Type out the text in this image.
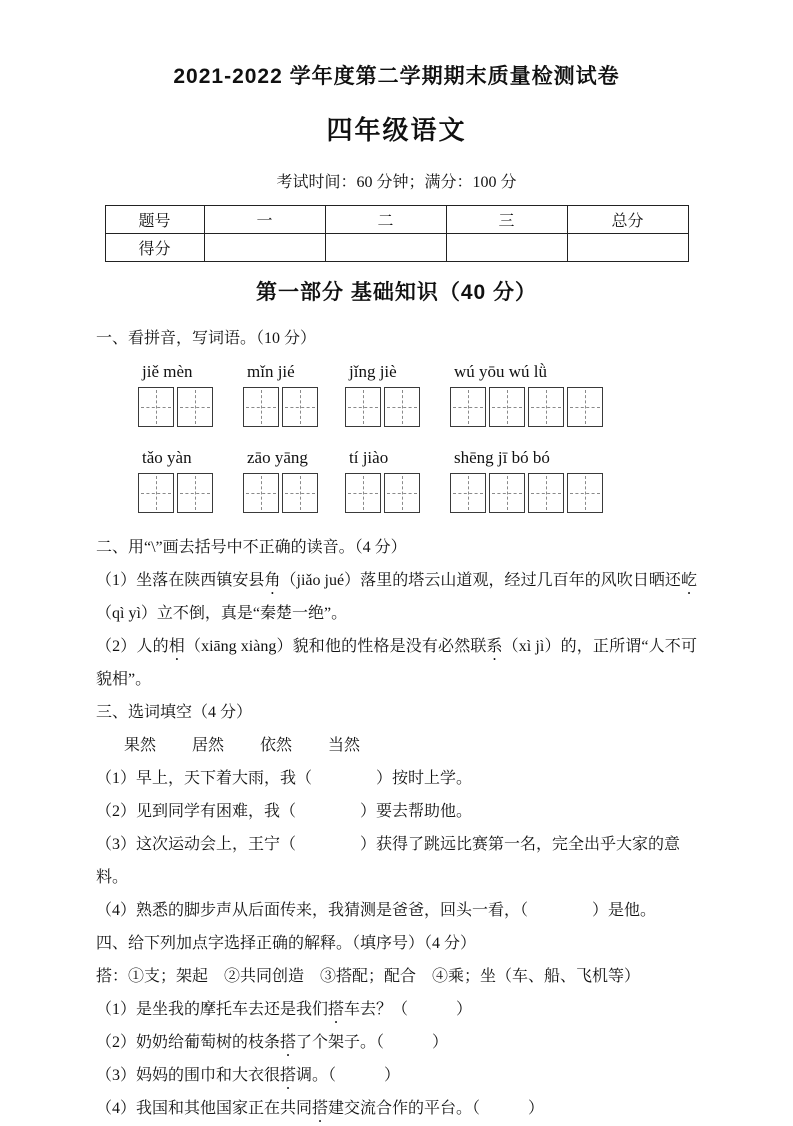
2021-2022 学年度第二学期期末质量检测试卷
四年级语文
考试时间：60 分钟；满分：100 分
题号	一	二	三	总分
得分				
第一部分 基础知识（40 分）
一、看拼音，写词语。（10 分）
jiě mèn	mǐn jié	jǐng jiè	wú yōu wú lǜ
tǎo yàn	zāo yāng	tí jiào	shēng jī bó bó
二、用“\”画去括号中不正确的读音。（4 分）

（1）坐落在陕西镇安县角（jiǎo jué）落里的塔云山道观，经过几百年的风吹日晒还屹（qì yì）立不倒，真是“秦楚一绝”。

（2）人的相（xiāng xiàng）貌和他的性格是没有必然联系（xì jì）的，正所谓“人不可貌相”。

三、选词填空（4 分）
果然 居然 依然 当然

（1）早上，天下着大雨，我（　　　　）按时上学。

（2）见到同学有困难，我（　　　　）要去帮助他。

（3）这次运动会上，王宁（　　　　）获得了跳远比赛第一名，完全出乎大家的意料。

（4）熟悉的脚步声从后面传来，我猜测是爸爸，回头一看，（　　　　）是他。

四、给下列加点字选择正确的解释。（填序号）（4 分）

搭：①支；架起　②共同创造　③搭配；配合　④乘；坐（车、船、飞机等）

（1）是坐我的摩托车去还是我们搭车去？（　　　）

（2）奶奶给葡萄树的枝条搭了个架子。（　　　）

（3）妈妈的围巾和大衣很搭调。（　　　）

（4）我国和其他国家正在共同搭建交流合作的平台。（　　　）
